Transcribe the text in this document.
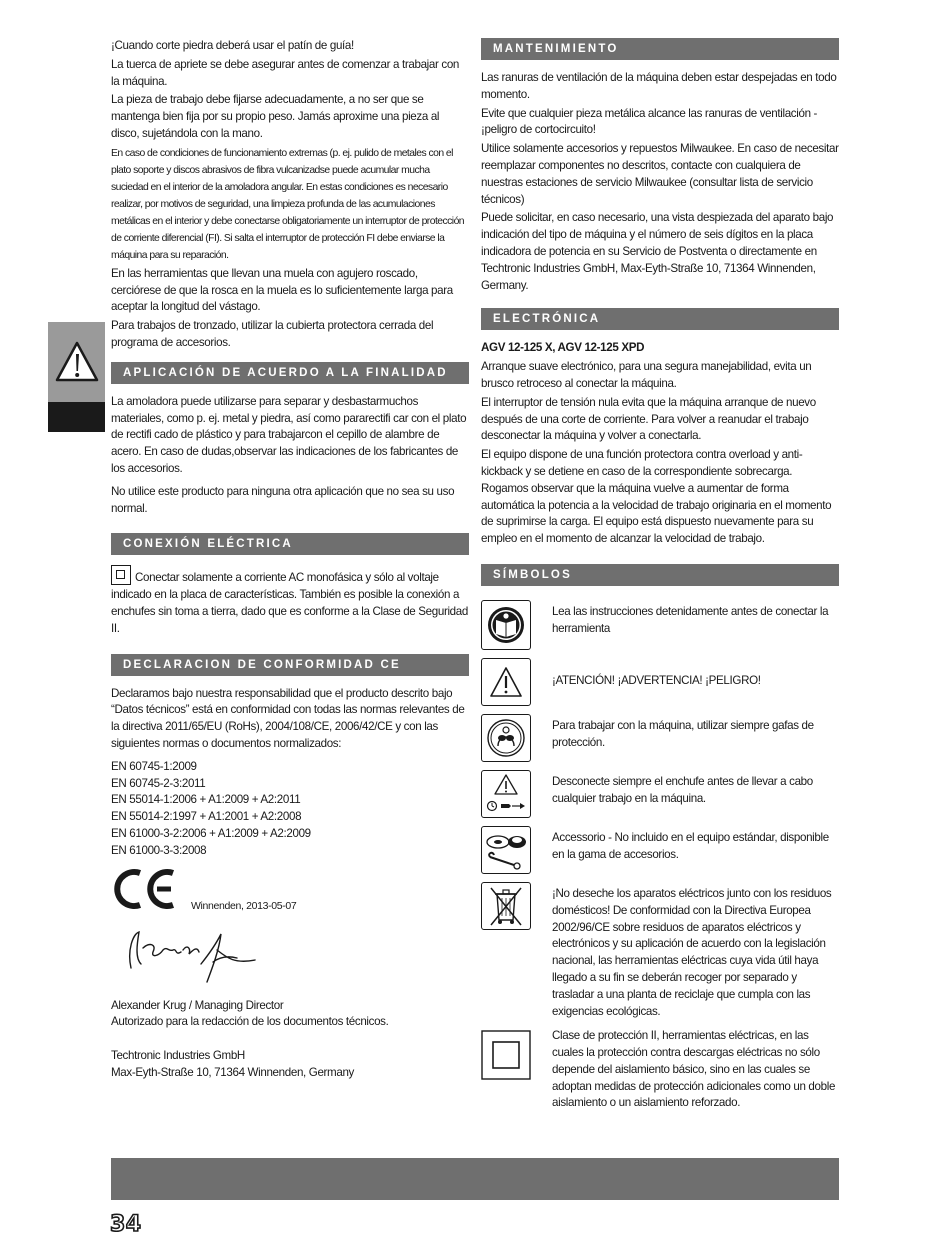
¡Cuando corte piedra deberá usar el patín de guía!

La tuerca de apriete se debe asegurar antes de comenzar a trabajar con la máquina.

La pieza de trabajo debe fijarse adecuadamente, a no ser que se mantenga bien fija por su propio peso. Jamás aproxime una pieza al disco, sujetándola con la mano.

En caso de condiciones de funcionamiento extremas (p. ej. pulido de metales con el plato soporte y discos abrasivos de fibra vulcanizadse puede acumular mucha suciedad en el interior de la amoladora angular. En estas condiciones es necesario realizar, por motivos de seguridad, una limpieza profunda de las acumulaciones metálicas en el interior y debe conectarse obligatoriamente un interruptor de protección de corriente diferencial (FI). Si salta el interruptor de protección FI debe enviarse la máquina para su reparación.

En las herramientas que llevan una muela con agujero roscado, cerciórese de que la rosca en la muela es lo suficientemente larga para aceptar la longitud del vástago.

Para trabajos de tronzado, utilizar la cubierta protectora cerrada del programa de accesorios.

APLICACIÓN DE ACUERDO A LA FINALIDAD

La amoladora puede utilizarse para separar y desbastarmuchos materiales, como p. ej. metal y piedra, así como pararectifi car con el plato de rectifi cado de plástico y para trabajarcon el cepillo de alambre de acero. En caso de dudas,observar las indicaciones de los fabricantes de los accesorios.

No utilice este producto para ninguna otra aplicación que no sea su uso normal.

CONEXIÓN ELÉCTRICA

Conectar solamente a corriente AC monofásica y sólo al voltaje indicado en la placa de características. También es posible la conexión a enchufes sin toma a tierra, dado que es conforme a la Clase de Seguridad II.

DECLARACION DE CONFORMIDAD CE

Declaramos bajo nuestra responsabilidad que el producto descrito bajo “Datos técnicos” está en conformidad con todas las normas relevantes de la directiva 2011/65/EU (RoHs), 2004/108/CE, 2006/42/CE y con las siguientes normas o documentos normalizados:

EN 60745-1:2009
EN 60745-2-3:2011
EN 55014-1:2006 + A1:2009 + A2:2011
EN 55014-2:1997 + A1:2001 + A2:2008
EN 61000-3-2:2006 + A1:2009 + A2:2009
EN 61000-3-3:2008
Winnenden, 2013-05-07

Alexander Krug / Managing Director

Autorizado para la redacción de los documentos técnicos.

Techtronic Industries GmbH

Max-Eyth-Straße 10, 71364 Winnenden, Germany

MANTENIMIENTO

Las ranuras de ventilación de la máquina deben estar despejadas en todo momento.

Evite que cualquier pieza metálica alcance las ranuras de ventilación - ¡peligro de cortocircuito!

Utilice solamente accesorios y repuestos Milwaukee. En caso de necesitar reemplazar componentes no descritos, contacte con cualquiera de nuestras estaciones de servicio Milwaukee (consultar lista de servicio técnicos)

Puede solicitar, en caso necesario, una vista despiezada del aparato bajo indicación del tipo de máquina y el número de seis dígitos en la placa indicadora de potencia en su Servicio de Postventa o directamente en Techtronic Industries GmbH, Max-Eyth-Straße 10, 71364 Winnenden, Germany.

ELECTRÓNICA

AGV 12-125 X, AGV 12-125 XPD

Arranque suave electrónico, para una segura manejabilidad, evita un brusco retroceso al conectar la máquina.

El interruptor de tensión nula evita que la máquina arranque de nuevo después de una corte de corriente. Para volver a reanudar el trabajo desconectar la máquina y volver a conectarla.

El equipo dispone de una función protectora contra overload y anti-kickback y se detiene en caso de la correspondiente sobrecarga. Rogamos observar que la máquina vuelve a aumentar de forma automática la potencia a la velocidad de trabajo originaria en el momento de suprimirse la carga. El equipo está dispuesto nuevamente para su empleo en el momento de alcanzar la velocidad de trabajo.

SÍMBOLOS
Lea las instrucciones detenidamente antes de conectar la herramienta
¡ATENCIÓN! ¡ADVERTENCIA! ¡PELIGRO!
Para trabajar con la máquina, utilizar siempre gafas de protección.
Desconecte siempre el enchufe antes de llevar a cabo cualquier trabajo en la máquina.
Accessorio - No incluido en el equipo estándar, disponible en la gama de accesorios.
¡No deseche los aparatos eléctricos junto con los residuos domésticos! De conformidad con la Directiva Europea 2002/96/CE sobre residuos de aparatos eléctricos y electrónicos y su aplicación de acuerdo con la legislación nacional, las herramientas eléctricas cuya vida útil haya llegado a su fin se deberán recoger por separado y trasladar a una planta de reciclaje que cumpla con las exigencias ecológicas.
Clase de protección II, herramientas eléctricas, en las cuales la protección contra descargas eléctricas no sólo depende del aislamiento básico, sino en las cuales se adoptan medidas de protección adicionales como un doble aislamiento o un aislamiento reforzado.
34
